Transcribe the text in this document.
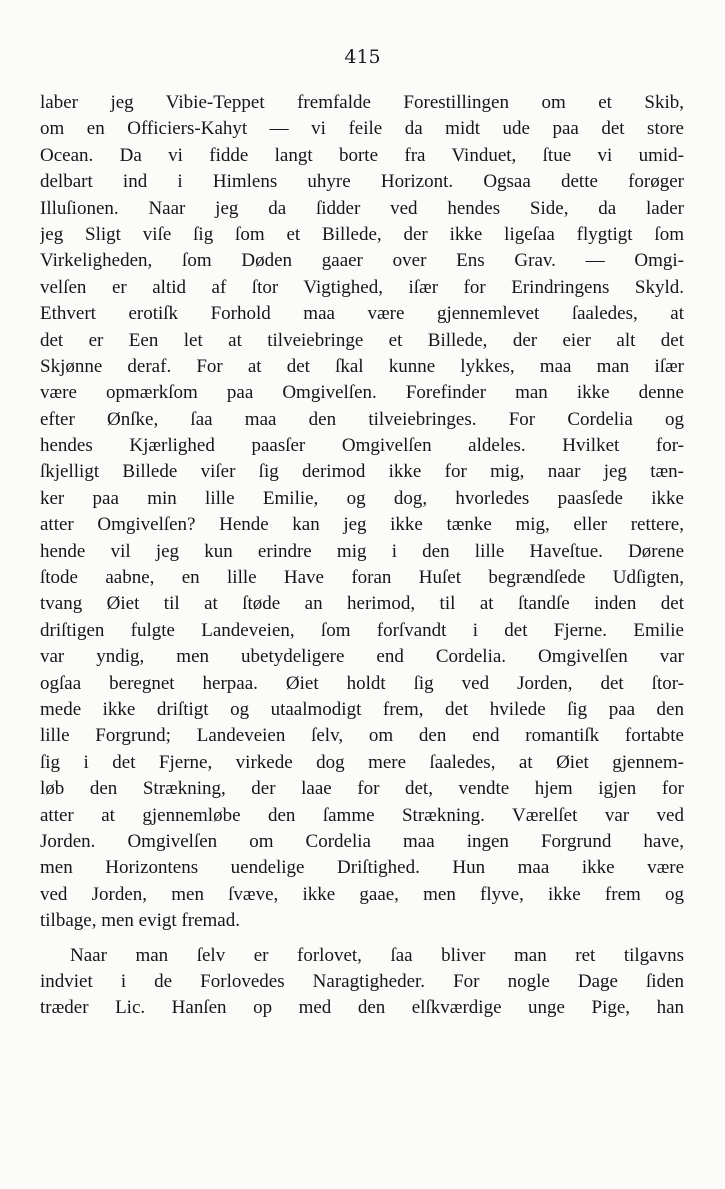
415
laber jeg Vibie-Teppet fremfalde Forestillingen om et Skib,
om en Officiers-Kahyt — vi feile da midt ude paa det store
Ocean. Da vi fidde langt borte fra Vinduet, ſtue vi umid-
delbart ind i Himlens uhyre Horizont. Ogsaa dette forøger
Illuſionen. Naar jeg da ſidder ved hendes Side, da lader
jeg Sligt viſe ſig ſom et Billede, der ikke ligeſaa flygtigt ſom
Virkeligheden, ſom Døden gaaer over Ens Grav. — Omgi-
velſen er altid af ſtor Vigtighed, iſær for Erindringens Skyld.
Ethvert erotiſk Forhold maa være gjennemlevet ſaaledes, at
det er Een let at tilveiebringe et Billede, der eier alt det
Skjønne deraf. For at det ſkal kunne lykkes, maa man iſær
være opmærkſom paa Omgivelſen. Forefinder man ikke denne
efter Ønſke, ſaa maa den tilveiebringes. For Cordelia og
hendes Kjærlighed paasſer Omgivelſen aldeles. Hvilket for-
ſkjelligt Billede viſer ſig derimod ikke for mig, naar jeg tæn-
ker paa min lille Emilie, og dog, hvorledes paasſede ikke
atter Omgivelſen? Hende kan jeg ikke tænke mig, eller rettere,
hende vil jeg kun erindre mig i den lille Haveſtue. Dørene
ſtode aabne, en lille Have foran Huſet begrændſede Udſigten,
tvang Øiet til at ſtøde an herimod, til at ſtandſe inden det
driſtigen fulgte Landeveien, ſom forſvandt i det Fjerne. Emilie
var yndig, men ubetydeligere end Cordelia. Omgivelſen var
ogſaa beregnet herpaa. Øiet holdt ſig ved Jorden, det ſtor-
mede ikke driſtigt og utaalmodigt frem, det hvilede ſig paa den
lille Forgrund; Landeveien ſelv, om den end romantiſk fortabte
ſig i det Fjerne, virkede dog mere ſaaledes, at Øiet gjennem-
løb den Strækning, der laae for det, vendte hjem igjen for
atter at gjennemløbe den ſamme Strækning. Værelſet var ved
Jorden. Omgivelſen om Cordelia maa ingen Forgrund have,
men Horizontens uendelige Driſtighed. Hun maa ikke være
ved Jorden, men ſvæve, ikke gaae, men flyve, ikke frem og
tilbage, men evigt fremad.
Naar man ſelv er forlovet, ſaa bliver man ret tilgavns
indviet i de Forlovedes Naragtigheder. For nogle Dage ſiden
træder Lic. Hanſen op med den elſkværdige unge Pige, han
